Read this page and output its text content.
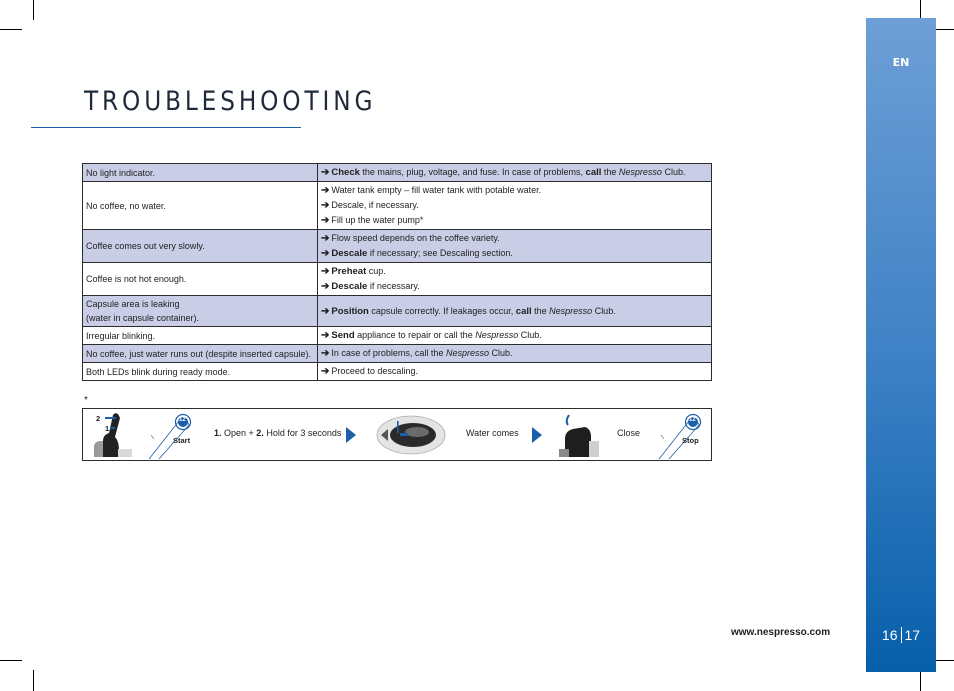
EN
16 17
TROUBLESHOOTING
No light indicator.	➔ Check the mains, plug, voltage, and fuse. In case of problems, call the Nespresso Club.

No coffee, no water.	➔ Water tank empty – fill water tank with potable water.
➔ Descale, if necessary.
➔ Fill up the water pump*

Coffee comes out very slowly.	➔ Flow speed depends on the coffee variety.
➔ Descale if necessary; see Descaling section.

Coffee is not hot enough.	➔ Preheat cup.
➔ Descale if necessary.

Capsule area is leaking
(water in capsule container).	➔ Position capsule correctly. If leakages occur, call the Nespresso Club.

Irregular blinking.	➔ Send appliance to repair or call the Nespresso Club.

No coffee, just water runs out (despite inserted capsule).	➔ In case of problems, call the Nespresso Club.

Both LEDs blink during ready mode.	➔ Proceed to descaling.
*
2
1
12
Start
1. Open + 2. Hold for 3 seconds	Water comes	Close
12
Stop
www.nespresso.com
